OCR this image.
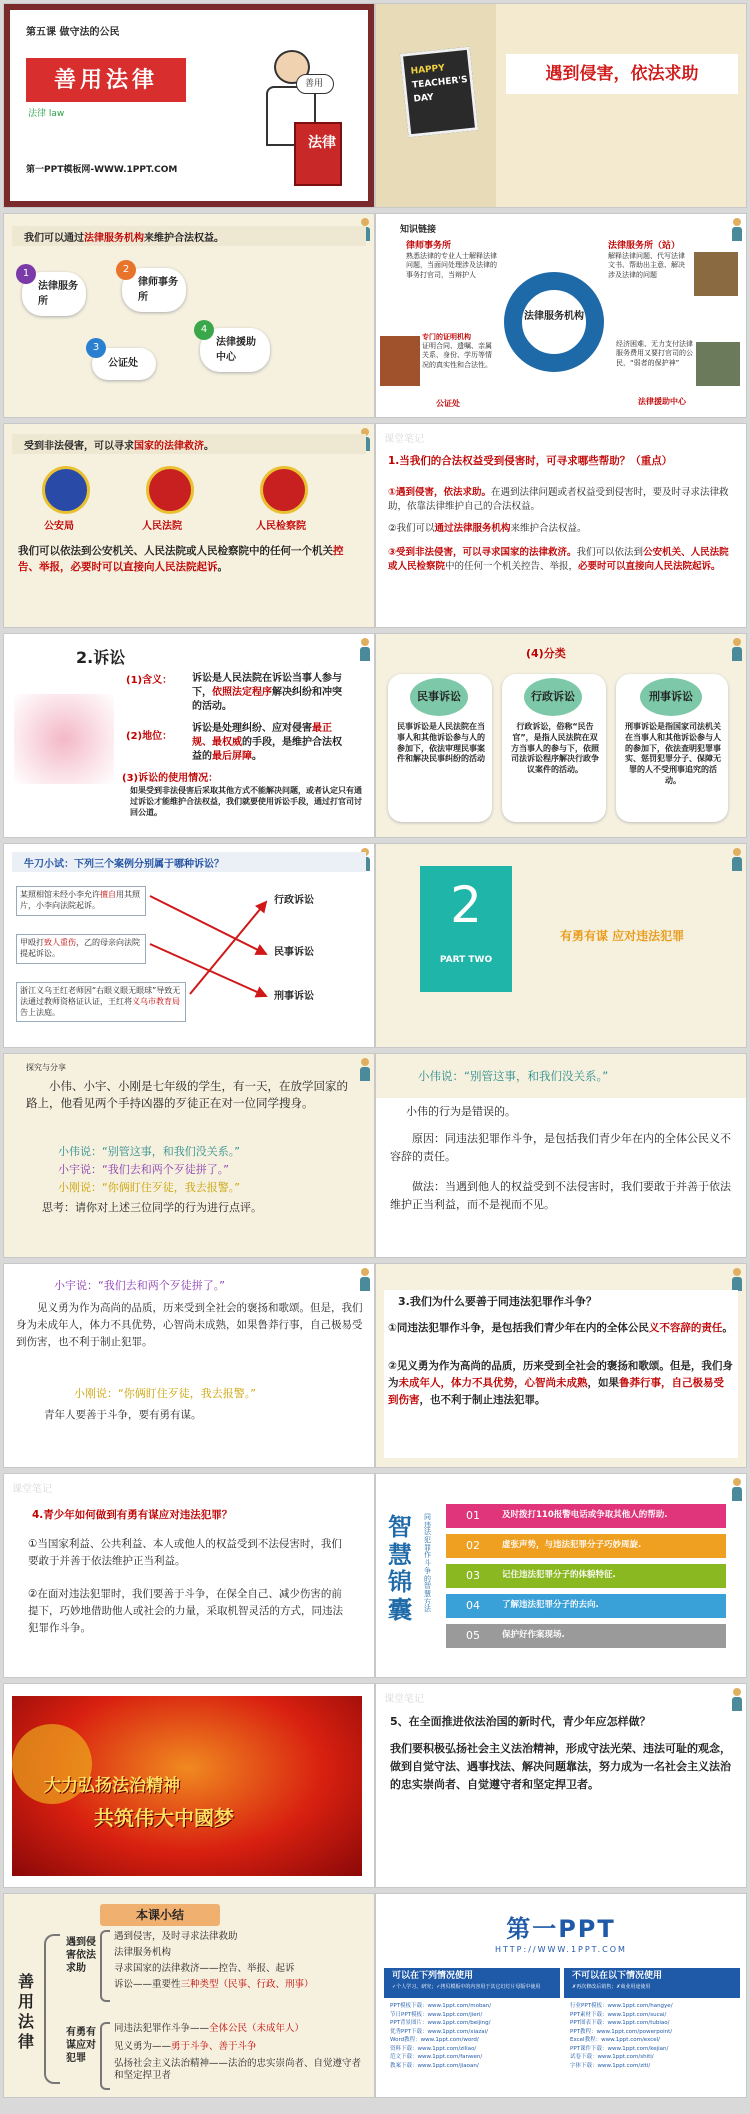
第五课 做守法的公民
善用法律
法律 law
第一PPT模板网-WWW.1PPT.COM
法律
善用
HAPPY
TEACHER'S
DAY
遇到侵害，依法求助
我们可以通过法律服务机构来维护合法权益。
1
法律服务所
2
律师事务所
3
公证处
4
法律援助中心
知识链接
法律服务机构
律师事务所
熟悉法律的专业人士解释法律问题，当面问处理涉及法律的事务打官司，当辩护人
法律服务所（站）
解释法律问题、代写法律文书、帮助出主意、解决涉及法律的问题
专门的证明机构
证明合同、遗嘱、亲属关系、身份、学历等情况的真实性和合法性。
公证处
经济困难、无力支付法律服务费用又要打官司的公民，“弱者的保护神”
法律援助中心
受到非法侵害，可以寻求国家的法律救济。
公安局	人民法院	人民检察院
我们可以依法到公安机关、人民法院或人民检察院中的任何一个机关控告、举报，必要时可以直接向人民法院起诉。
课堂笔记
1.当我们的合法权益受到侵害时，可寻求哪些帮助？（重点）
①遇到侵害，依法求助。在遇到法律问题或者权益受到侵害时，要及时寻求法律救助，依靠法律维护自己的合法权益。
②我们可以通过法律服务机构来维护合法权益。
③受到非法侵害，可以寻求国家的法律救济。我们可以依法到公安机关、人民法院或人民检察院中的任何一个机关控告、举报，必要时可以直接向人民法院起诉。
2.诉讼
(1)含义： 诉讼是人民法院在诉讼当事人参与下，依照法定程序解决纠纷和冲突的活动。
(2)地位：
诉讼是处理纠纷、应对侵害最正规、最权威的手段，是维护合法权益的最后屏障。
(3)诉讼的使用情况：
如果受到非法侵害后采取其他方式不能解决问题，或者认定只有通过诉讼才能维护合法权益，我们就要使用诉讼手段，通过打官司讨回公道。
(4)分类
民事诉讼
民事诉讼是人民法院在当事人和其他诉讼参与人的参加下，依法审理民事案件和解决民事纠纷的活动
行政诉讼
行政诉讼，俗称“民告官”，是指人民法院在双方当事人的参与下，依照司法诉讼程序解决行政争议案件的活动。
刑事诉讼
刑事诉讼是指国家司法机关在当事人和其他诉讼参与人的参加下，依法查明犯罪事实、惩罚犯罪分子、保障无罪的人不受刑事追究的活动。
牛刀小试：下列三个案例分别属于哪种诉讼？
某照相馆未经小李允许擅自用其照片，小李向法院起诉。
甲殴打致人重伤，乙的母亲向法院提起诉讼。
浙江义乌王红老师因“右眼义眼无眼球”导致无法通过教师资格证认证，王红将义乌市教育局告上法庭。
行政诉讼
民事诉讼
刑事诉讼
2
PART TWO
有勇有谋 应对违法犯罪
探究与分享
小伟、小宇、小刚是七年级的学生，有一天，在放学回家的路上，他看见两个手持凶器的歹徒正在对一位同学搜身。
小伟说：“别管这事，和我们没关系。”
小宇说：“我们去和两个歹徒拼了。”
小刚说：“你俩盯住歹徒，我去报警。”
思考：请你对上述三位同学的行为进行点评。
小伟说：“别管这事，和我们没关系。”
小伟的行为是错误的。
原因：同违法犯罪作斗争，是包括我们青少年在内的全体公民义不容辞的责任。
做法：当遇到他人的权益受到不法侵害时，我们要敢于并善于依法维护正当利益，而不是视而不见。
小宇说：“我们去和两个歹徒拼了。”
见义勇为作为高尚的品质，历来受到全社会的褒扬和歌颂。但是，我们身为未成年人，体力不具优势，心智尚未成熟，如果鲁莽行事，自己极易受到伤害，也不利于制止犯罪。
小刚说：“你俩盯住歹徒，我去报警。”
青年人要善于斗争，要有勇有谋。
3.我们为什么要善于同违法犯罪作斗争？
①同违法犯罪作斗争，是包括我们青少年在内的全体公民义不容辞的责任。
②见义勇为作为高尚的品质，历来受到全社会的褒扬和歌颂。但是，我们身为未成年人，体力不具优势，心智尚未成熟，如果鲁莽行事，自己极易受到伤害，也不利于制止违法犯罪。
课堂笔记
4.青少年如何做到有勇有谋应对违法犯罪？
①当国家利益、公共利益、本人或他人的权益受到不法侵害时，我们要敢于并善于依法维护正当利益。
②在面对违法犯罪时，我们要善于斗争，在保全自己、减少伤害的前提下，巧妙地借助他人或社会的力量，采取机智灵活的方式，同违法犯罪作斗争。
智
慧
锦
囊
同违法犯罪作斗争的智慧方法
01	及时拨打110报警电话或争取其他人的帮助.
02	虚张声势，与违法犯罪分子巧妙周旋.
03	记住违法犯罪分子的体貌特征.
04	了解违法犯罪分子的去向.
05	保护好作案现场.
大力弘扬法治精神
共筑伟大中國梦
课堂笔记
5、在全面推进依法治国的新时代，青少年应怎样做？
我们要积极弘扬社会主义法治精神，形成守法光荣、违法可耻的观念，做到自觉守法、遇事找法、解决问题靠法，努力成为一名社会主义法治的忠实崇尚者、自觉遵守者和坚定捍卫者。
本课小结
善用法律
遇到侵害依法求助
有勇有谋应对犯罪
遇到侵害，及时寻求法律救助
法律服务机构
寻求国家的法律救济——控告、举报、起诉
诉讼——重要性三种类型（民事、行政、刑事）
同违法犯罪作斗争——全体公民（未成年人）
见义勇为——勇于斗争、善于斗争
弘扬社会主义法治精神——法治的忠实崇尚者、自觉遵守者和坚定捍卫者
第一PPT
HTTP://WWW.1PPT.COM
可以在下列情况使用
✓个人学习、研究；✓拷贝模板中的内容用于其它幻灯片母版中使用
不可以在以下情况使用
✗再次修改后销售；✗商业用途使用
PPT模板下载：www.1ppt.com/moban/
节日PPT模板：www.1ppt.com/jieri/
PPT背景图片：www.1ppt.com/beijing/
优秀PPT下载：www.1ppt.com/xiazai/
Word教程：www.1ppt.com/word/
资料下载：www.1ppt.com/ziliao/
范文下载：www.1ppt.com/fanwen/
教案下载：www.1ppt.com/jiaoan/
行业PPT模板：www.1ppt.com/hangye/
PPT素材下载：www.1ppt.com/sucai/
PPT图表下载：www.1ppt.com/tubiao/
PPT教程：www.1ppt.com/powerpoint/
Excel教程：www.1ppt.com/excel/
PPT课件下载：www.1ppt.com/kejian/
试卷下载：www.1ppt.com/shiti/
字体下载：www.1ppt.com/ziti/
